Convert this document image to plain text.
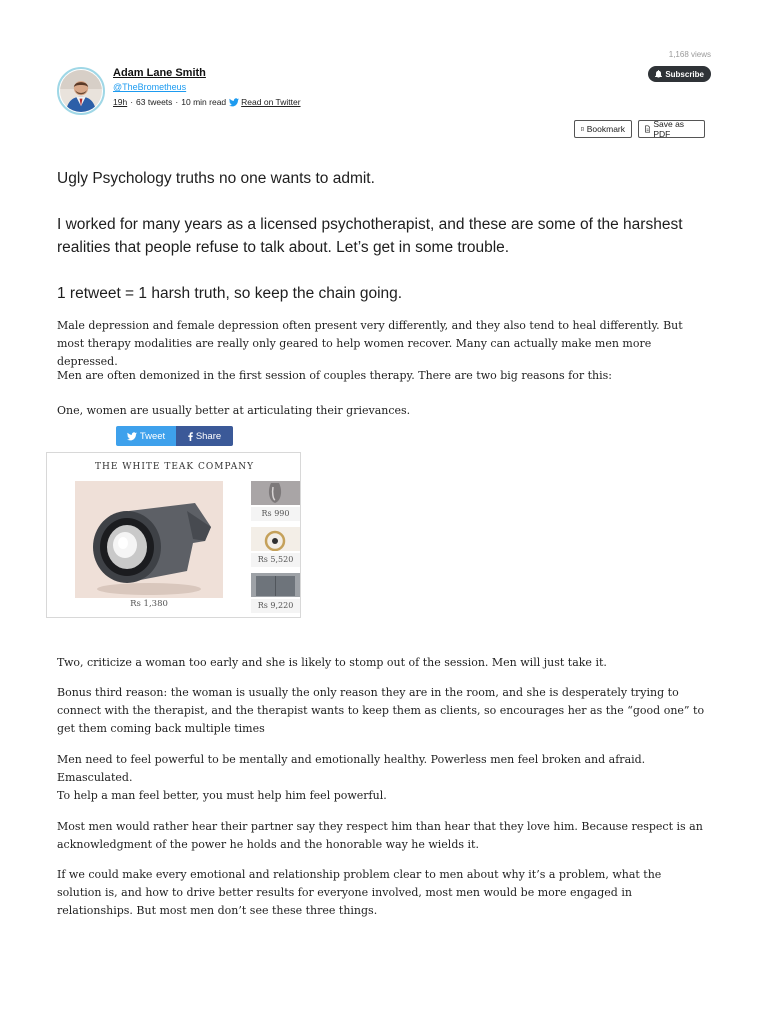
1,168 views
Adam Lane Smith
@TheBrometheus
19h · 63 tweets · 10 min read Read on Twitter
Subscribe
Bookmark	Save as PDF
Ugly Psychology truths no one wants to admit.
I worked for many years as a licensed psychotherapist, and these are some of the harshest realities that people refuse to talk about. Let’s get in some trouble.
1 retweet = 1 harsh truth, so keep the chain going.
Male depression and female depression often present very differently, and they also tend to heal differently. But most therapy modalities are really only geared to help women recover. Many can actually make men more depressed.
Men are often demonized in the first session of couples therapy. There are two big reasons for this:
One, women are usually better at articulating their grievances.
Tweet	Share
THE WHITE TEAK COMPANY
Rs 1,380
Rs 990
Rs 5,520
Rs 9,220
Two, criticize a woman too early and she is likely to stomp out of the session. Men will just take it.
Bonus third reason: the woman is usually the only reason they are in the room, and she is desperately trying to connect with the therapist, and the therapist wants to keep them as clients, so encourages her as the “good one” to get them coming back multiple times
Men need to feel powerful to be mentally and emotionally healthy. Powerless men feel broken and afraid. Emasculated.
To help a man feel better, you must help him feel powerful.
Most men would rather hear their partner say they respect him than hear that they love him. Because respect is an acknowledgment of the power he holds and the honorable way he wields it.
If we could make every emotional and relationship problem clear to men about why it’s a problem, what the solution is, and how to drive better results for everyone involved, most men would be more engaged in relationships. But most men don’t see these three things.
